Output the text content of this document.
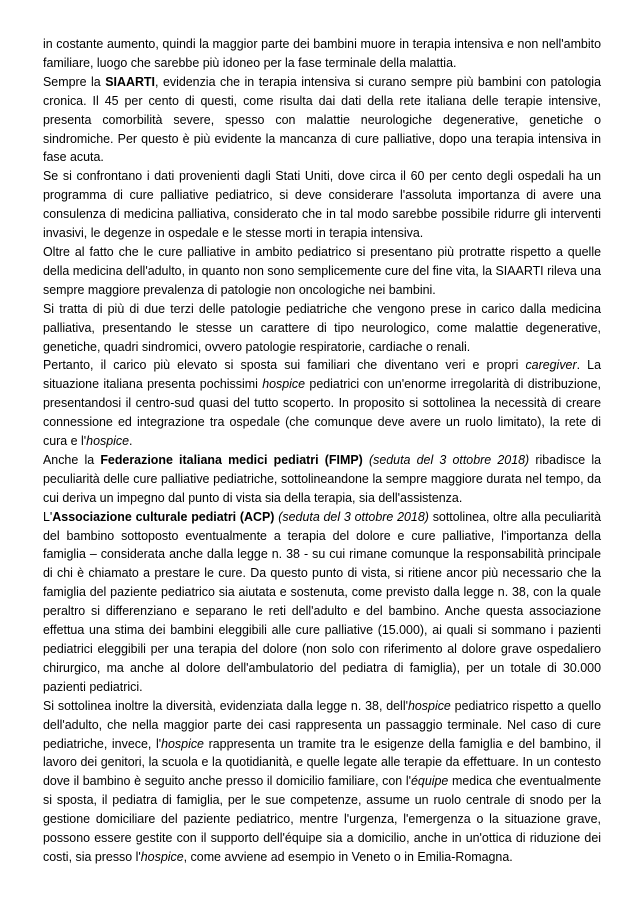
in costante aumento, quindi la maggior parte dei bambini muore in terapia intensiva e non nell'ambito familiare, luogo che sarebbe più idoneo per la fase terminale della malattia.

Sempre la SIAARTI, evidenzia che in terapia intensiva si curano sempre più bambini con patologia cronica. Il 45 per cento di questi, come risulta dai dati della rete italiana delle terapie intensive, presenta comorbilità severe, spesso con malattie neurologiche degenerative, genetiche o sindromiche. Per questo è più evidente la mancanza di cure palliative, dopo una terapia intensiva in fase acuta.

Se si confrontano i dati provenienti dagli Stati Uniti, dove circa il 60 per cento degli ospedali ha un programma di cure palliative pediatrico, si deve considerare l'assoluta importanza di avere una consulenza di medicina palliativa, considerato che in tal modo sarebbe possibile ridurre gli interventi invasivi, le degenze in ospedale e le stesse morti in terapia intensiva.

Oltre al fatto che le cure palliative in ambito pediatrico si presentano più protratte rispetto a quelle della medicina dell'adulto, in quanto non sono semplicemente cure del fine vita, la SIAARTI rileva una sempre maggiore prevalenza di patologie non oncologiche nei bambini.

Si tratta di più di due terzi delle patologie pediatriche che vengono prese in carico dalla medicina palliativa, presentando le stesse un carattere di tipo neurologico, come malattie degenerative, genetiche, quadri sindromici, ovvero patologie respiratorie, cardiache o renali.

Pertanto, il carico più elevato si sposta sui familiari che diventano veri e propri caregiver. La situazione italiana presenta pochissimi hospice pediatrici con un'enorme irregolarità di distribuzione, presentandosi il centro-sud quasi del tutto scoperto. In proposito si sottolinea la necessità di creare connessione ed integrazione tra ospedale (che comunque deve avere un ruolo limitato), la rete di cura e l'hospice.

Anche la Federazione italiana medici pediatri (FIMP) (seduta del 3 ottobre 2018) ribadisce la peculiarità delle cure palliative pediatriche, sottolineandone la sempre maggiore durata nel tempo, da cui deriva un impegno dal punto di vista sia della terapia, sia dell'assistenza.

L'Associazione culturale pediatri (ACP) (seduta del 3 ottobre 2018) sottolinea, oltre alla peculiarità del bambino sottoposto eventualmente a terapia del dolore e cure palliative, l'importanza della famiglia – considerata anche dalla legge n. 38 - su cui rimane comunque la responsabilità principale di chi è chiamato a prestare le cure. Da questo punto di vista, si ritiene ancor più necessario che la famiglia del paziente pediatrico sia aiutata e sostenuta, come previsto dalla legge n. 38, con la quale peraltro si differenziano e separano le reti dell'adulto e del bambino. Anche questa associazione effettua una stima dei bambini eleggibili alle cure palliative (15.000), ai quali si sommano i pazienti pediatrici eleggibili per una terapia del dolore (non solo con riferimento al dolore grave ospedaliero chirurgico, ma anche al dolore dell'ambulatorio del pediatra di famiglia), per un totale di 30.000 pazienti pediatrici.

Si sottolinea inoltre la diversità, evidenziata dalla legge n. 38, dell'hospice pediatrico rispetto a quello dell'adulto, che nella maggior parte dei casi rappresenta un passaggio terminale. Nel caso di cure pediatriche, invece, l'hospice rappresenta un tramite tra le esigenze della famiglia e del bambino, il lavoro dei genitori, la scuola e la quotidianità, e quelle legate alle terapie da effettuare. In un contesto dove il bambino è seguito anche presso il domicilio familiare, con l'équipe medica che eventualmente si sposta, il pediatra di famiglia, per le sue competenze, assume un ruolo centrale di snodo per la gestione domiciliare del paziente pediatrico, mentre l'urgenza, l'emergenza o la situazione grave, possono essere gestite con il supporto dell'équipe sia a domicilio, anche in un'ottica di riduzione dei costi, sia presso l'hospice, come avviene ad esempio in Veneto o in Emilia-Romagna.
